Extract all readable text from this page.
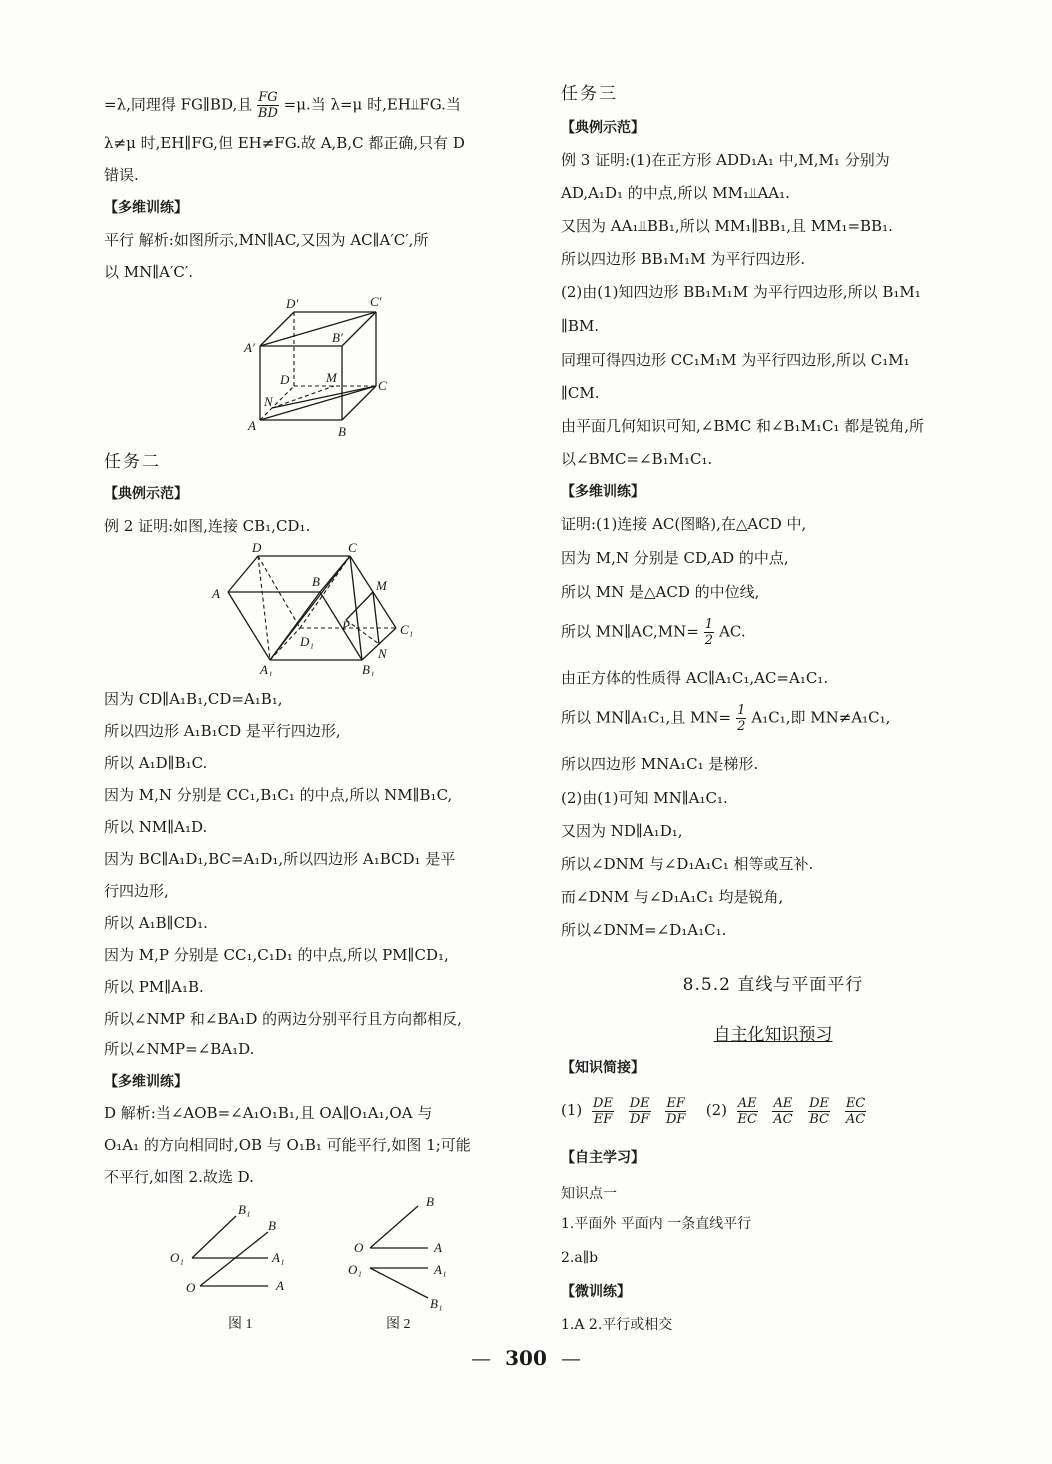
=λ,同理得 FG∥BD,且 $\frac{FG}{BD} =\mu$.当 λ=μ 时,EH⫫FG.当
λ≠μ 时,EH∥FG,但 EH≠FG.故 A,B,C 都正确,只有 D
错误.
【多维训练】
平行 解析:如图所示,MN∥AC,又因为 AC∥A′C′,所
以 MN∥A′C′.
D′	C′
A′
B′
D	M
C
N
A	B
任务二
【典例示范】
例 2 证明:如图,连接 CB₁,CD₁.
D	C
B	M
A
P
D₁
C₁
N
A₁	B₁
因为 CD∥A₁B₁,CD=A₁B₁,
所以四边形 A₁B₁CD 是平行四边形,
所以 A₁D∥B₁C.
因为 M,N 分别是 CC₁,B₁C₁ 的中点,所以 NM∥B₁C,
所以 NM∥A₁D.
因为 BC∥A₁D₁,BC=A₁D₁,所以四边形 A₁BCD₁ 是平
行四边形,
所以 A₁B∥CD₁.
因为 M,P 分别是 CC₁,C₁D₁ 的中点,所以 PM∥CD₁,
所以 PM∥A₁B.
所以∠NMP 和∠BA₁D 的两边分别平行且方向都相反,
所以∠NMP=∠BA₁D.
【多维训练】
D 解析:当∠AOB=∠A₁O₁B₁,且 OA∥O₁A₁,OA 与
O₁A₁ 的方向相同时,OB 与 O₁B₁ 可能平行,如图 1;可能
不平行,如图 2.故选 D.
B₁
B
O₁	A₁
O	A
B
O	A
O₁	A₁
B₁
图 1	图 2
任务三
【典例示范】
例 3 证明:(1)在正方形 ADD₁A₁ 中,M,M₁ 分别为
AD,A₁D₁ 的中点,所以 MM₁⫫AA₁.
又因为 AA₁⫫BB₁,所以 MM₁∥BB₁,且 MM₁=BB₁.
所以四边形 BB₁M₁M 为平行四边形.
(2)由(1)知四边形 BB₁M₁M 为平行四边形,所以 B₁M₁
∥BM.
同理可得四边形 CC₁M₁M 为平行四边形,所以 C₁M₁
∥CM.
由平面几何知识可知,∠BMC 和∠B₁M₁C₁ 都是锐角,所
以∠BMC=∠B₁M₁C₁.
【多维训练】
证明:(1)连接 AC(图略),在△ACD 中,
因为 M,N 分别是 CD,AD 的中点,
所以 MN 是△ACD 的中位线,
所以 MN∥AC,MN= $\frac{1}{2}$ AC.
由正方体的性质得 AC∥A₁C₁,AC=A₁C₁.
所以 MN∥A₁C₁,且 $MN= \frac{1}{2} A_1C_1$,即 MN≠A₁C₁,
所以四边形 MNA₁C₁ 是梯形.
(2)由(1)可知 MN∥A₁C₁.
又因为 ND∥A₁D₁,
所以∠DNM 与∠D₁A₁C₁ 相等或互补.
而∠DNM 与∠D₁A₁C₁ 均是锐角,
所以∠DNM=∠D₁A₁C₁.
8.5.2 直线与平面平行
自主化知识预习
【知识简接】
$(1) \frac{DE}{EF}$
$\frac{DE}{DF}$
$\frac{EF}{DF} (2) \frac{AE}{EC}$
$\frac{AE}{AC}$
$\frac{DE}{BC}$
$\frac{EC}{AC}$
【自主学习】
知识点一
1.平面外 平面内 一条直线平行
2.a∥b
【微训练】
1.A 2.平行或相交
— 300 —
